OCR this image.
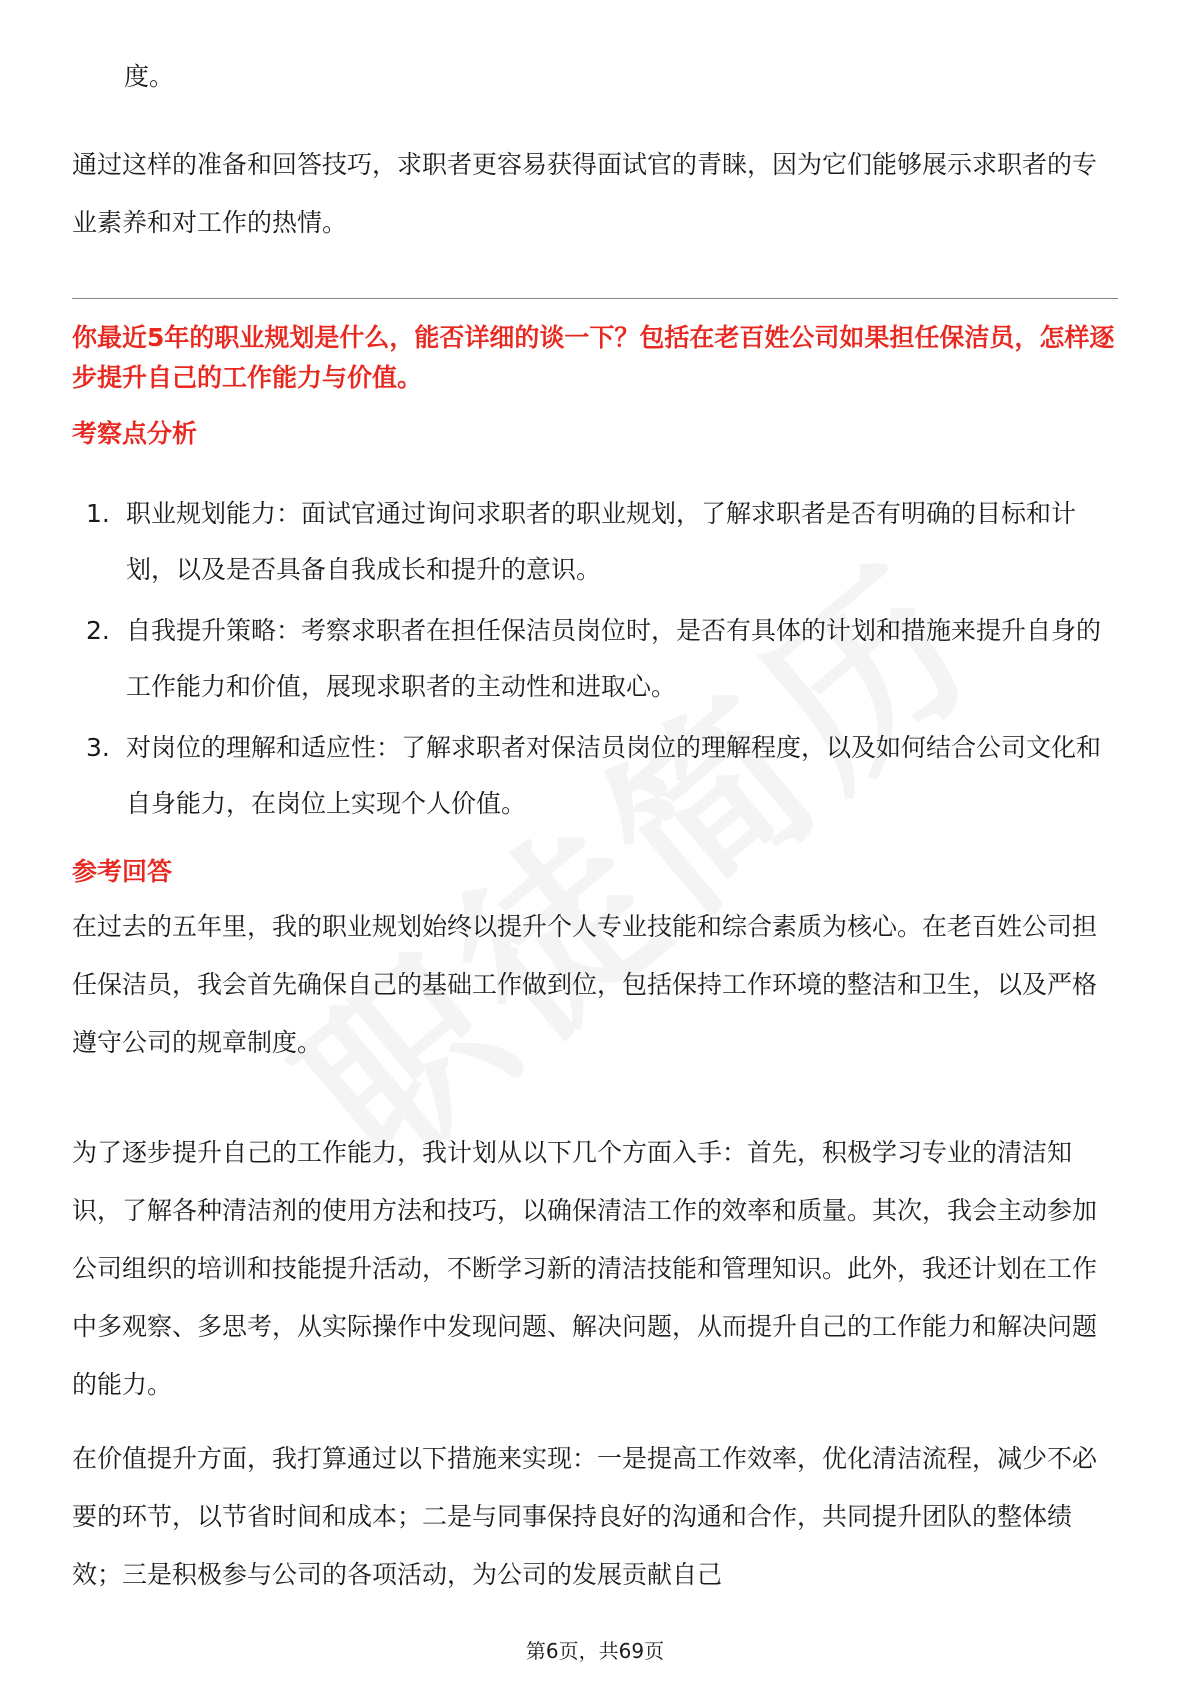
度。

通过这样的准备和回答技巧，求职者更容易获得面试官的青睐，因为它们能够展示求职者的专业素养和对工作的热情。

你最近5年的职业规划是什么，能否详细的谈一下？包括在老百姓公司如果担任保洁员，怎样逐步提升自己的工作能力与价值。

考察点分析
1. 职业规划能力：面试官通过询问求职者的职业规划，了解求职者是否有明确的目标和计划，以及是否具备自我成长和提升的意识。
2. 自我提升策略：考察求职者在担任保洁员岗位时，是否有具体的计划和措施来提升自身的工作能力和价值，展现求职者的主动性和进取心。
3. 对岗位的理解和适应性：了解求职者对保洁员岗位的理解程度，以及如何结合公司文化和自身能力，在岗位上实现个人价值。
参考回答

在过去的五年里，我的职业规划始终以提升个人专业技能和综合素质为核心。在老百姓公司担任保洁员，我会首先确保自己的基础工作做到位，包括保持工作环境的整洁和卫生，以及严格遵守公司的规章制度。

为了逐步提升自己的工作能力，我计划从以下几个方面入手：首先，积极学习专业的清洁知识，了解各种清洁剂的使用方法和技巧，以确保清洁工作的效率和质量。其次，我会主动参加公司组织的培训和技能提升活动，不断学习新的清洁技能和管理知识。此外，我还计划在工作中多观察、多思考，从实际操作中发现问题、解决问题，从而提升自己的工作能力和解决问题的能力。

在价值提升方面，我打算通过以下措施来实现：一是提高工作效率，优化清洁流程，减少不必要的环节，以节省时间和成本；二是与同事保持良好的沟通和合作，共同提升团队的整体绩效；三是积极参与公司的各项活动，为公司的发展贡献自己

第6页，共69页
